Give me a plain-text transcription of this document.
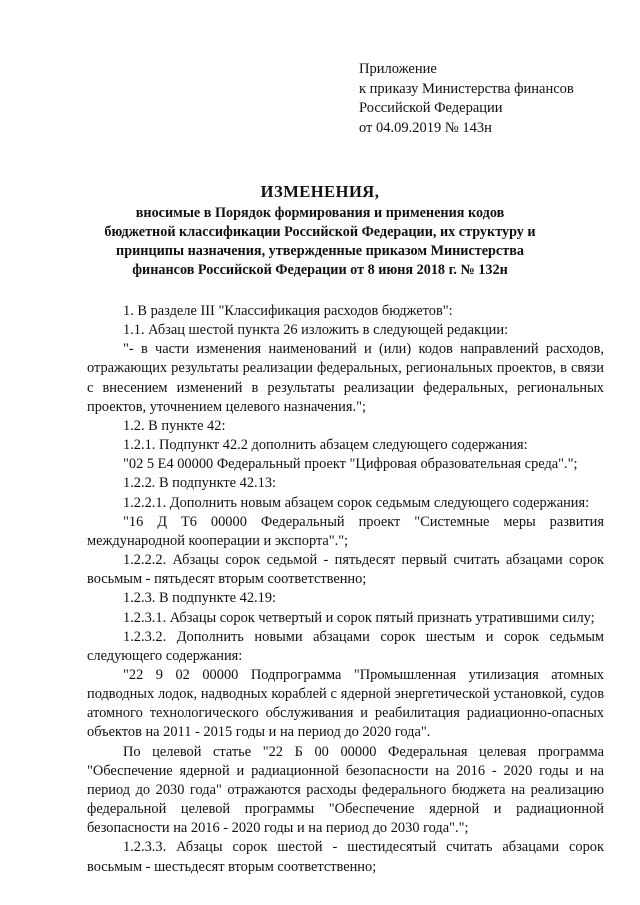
Приложение
к приказу Министерства финансов
Российской Федерации
от 04.09.2019 № 143н
ИЗМЕНЕНИЯ,
вносимые в Порядок формирования и применения кодов бюджетной классификации Российской Федерации, их структуру и принципы назначения, утвержденные приказом Министерства финансов Российской Федерации от 8 июня 2018 г. № 132н

1. В разделе III "Классификация расходов бюджетов":

1.1. Абзац шестой пункта 26 изложить в следующей редакции:

"- в части изменения наименований и (или) кодов направлений расходов, отражающих результаты реализации федеральных, региональных проектов, в связи с внесением изменений в результаты реализации федеральных, региональных проектов, уточнением целевого назначения.";

1.2. В пункте 42:

1.2.1. Подпункт 42.2 дополнить абзацем следующего содержания:

"02 5 Е4 00000 Федеральный проект "Цифровая образовательная среда".";

1.2.2. В подпункте 42.13:

1.2.2.1. Дополнить новым абзацем сорок седьмым следующего содержания:

"16 Д Т6 00000 Федеральный проект "Системные меры развития международной кооперации и экспорта".";

1.2.2.2. Абзацы сорок седьмой - пятьдесят первый считать абзацами сорок восьмым - пятьдесят вторым соответственно;

1.2.3. В подпункте 42.19:

1.2.3.1. Абзацы сорок четвертый и сорок пятый признать утратившими силу;

1.2.3.2. Дополнить новыми абзацами сорок шестым и сорок седьмым следующего содержания:

"22 9 02 00000 Подпрограмма "Промышленная утилизация атомных подводных лодок, надводных кораблей с ядерной энергетической установкой, судов атомного технологического обслуживания и реабилитация радиационно-опасных объектов на 2011 - 2015 годы и на период до 2020 года".

По целевой статье "22 Б 00 00000 Федеральная целевая программа "Обеспечение ядерной и радиационной безопасности на 2016 - 2020 годы и на период до 2030 года" отражаются расходы федерального бюджета на реализацию федеральной целевой программы "Обеспечение ядерной и радиационной безопасности на 2016 - 2020 годы и на период до 2030 года".";

1.2.3.3. Абзацы сорок шестой - шестидесятый считать абзацами сорок восьмым - шестьдесят вторым соответственно;
